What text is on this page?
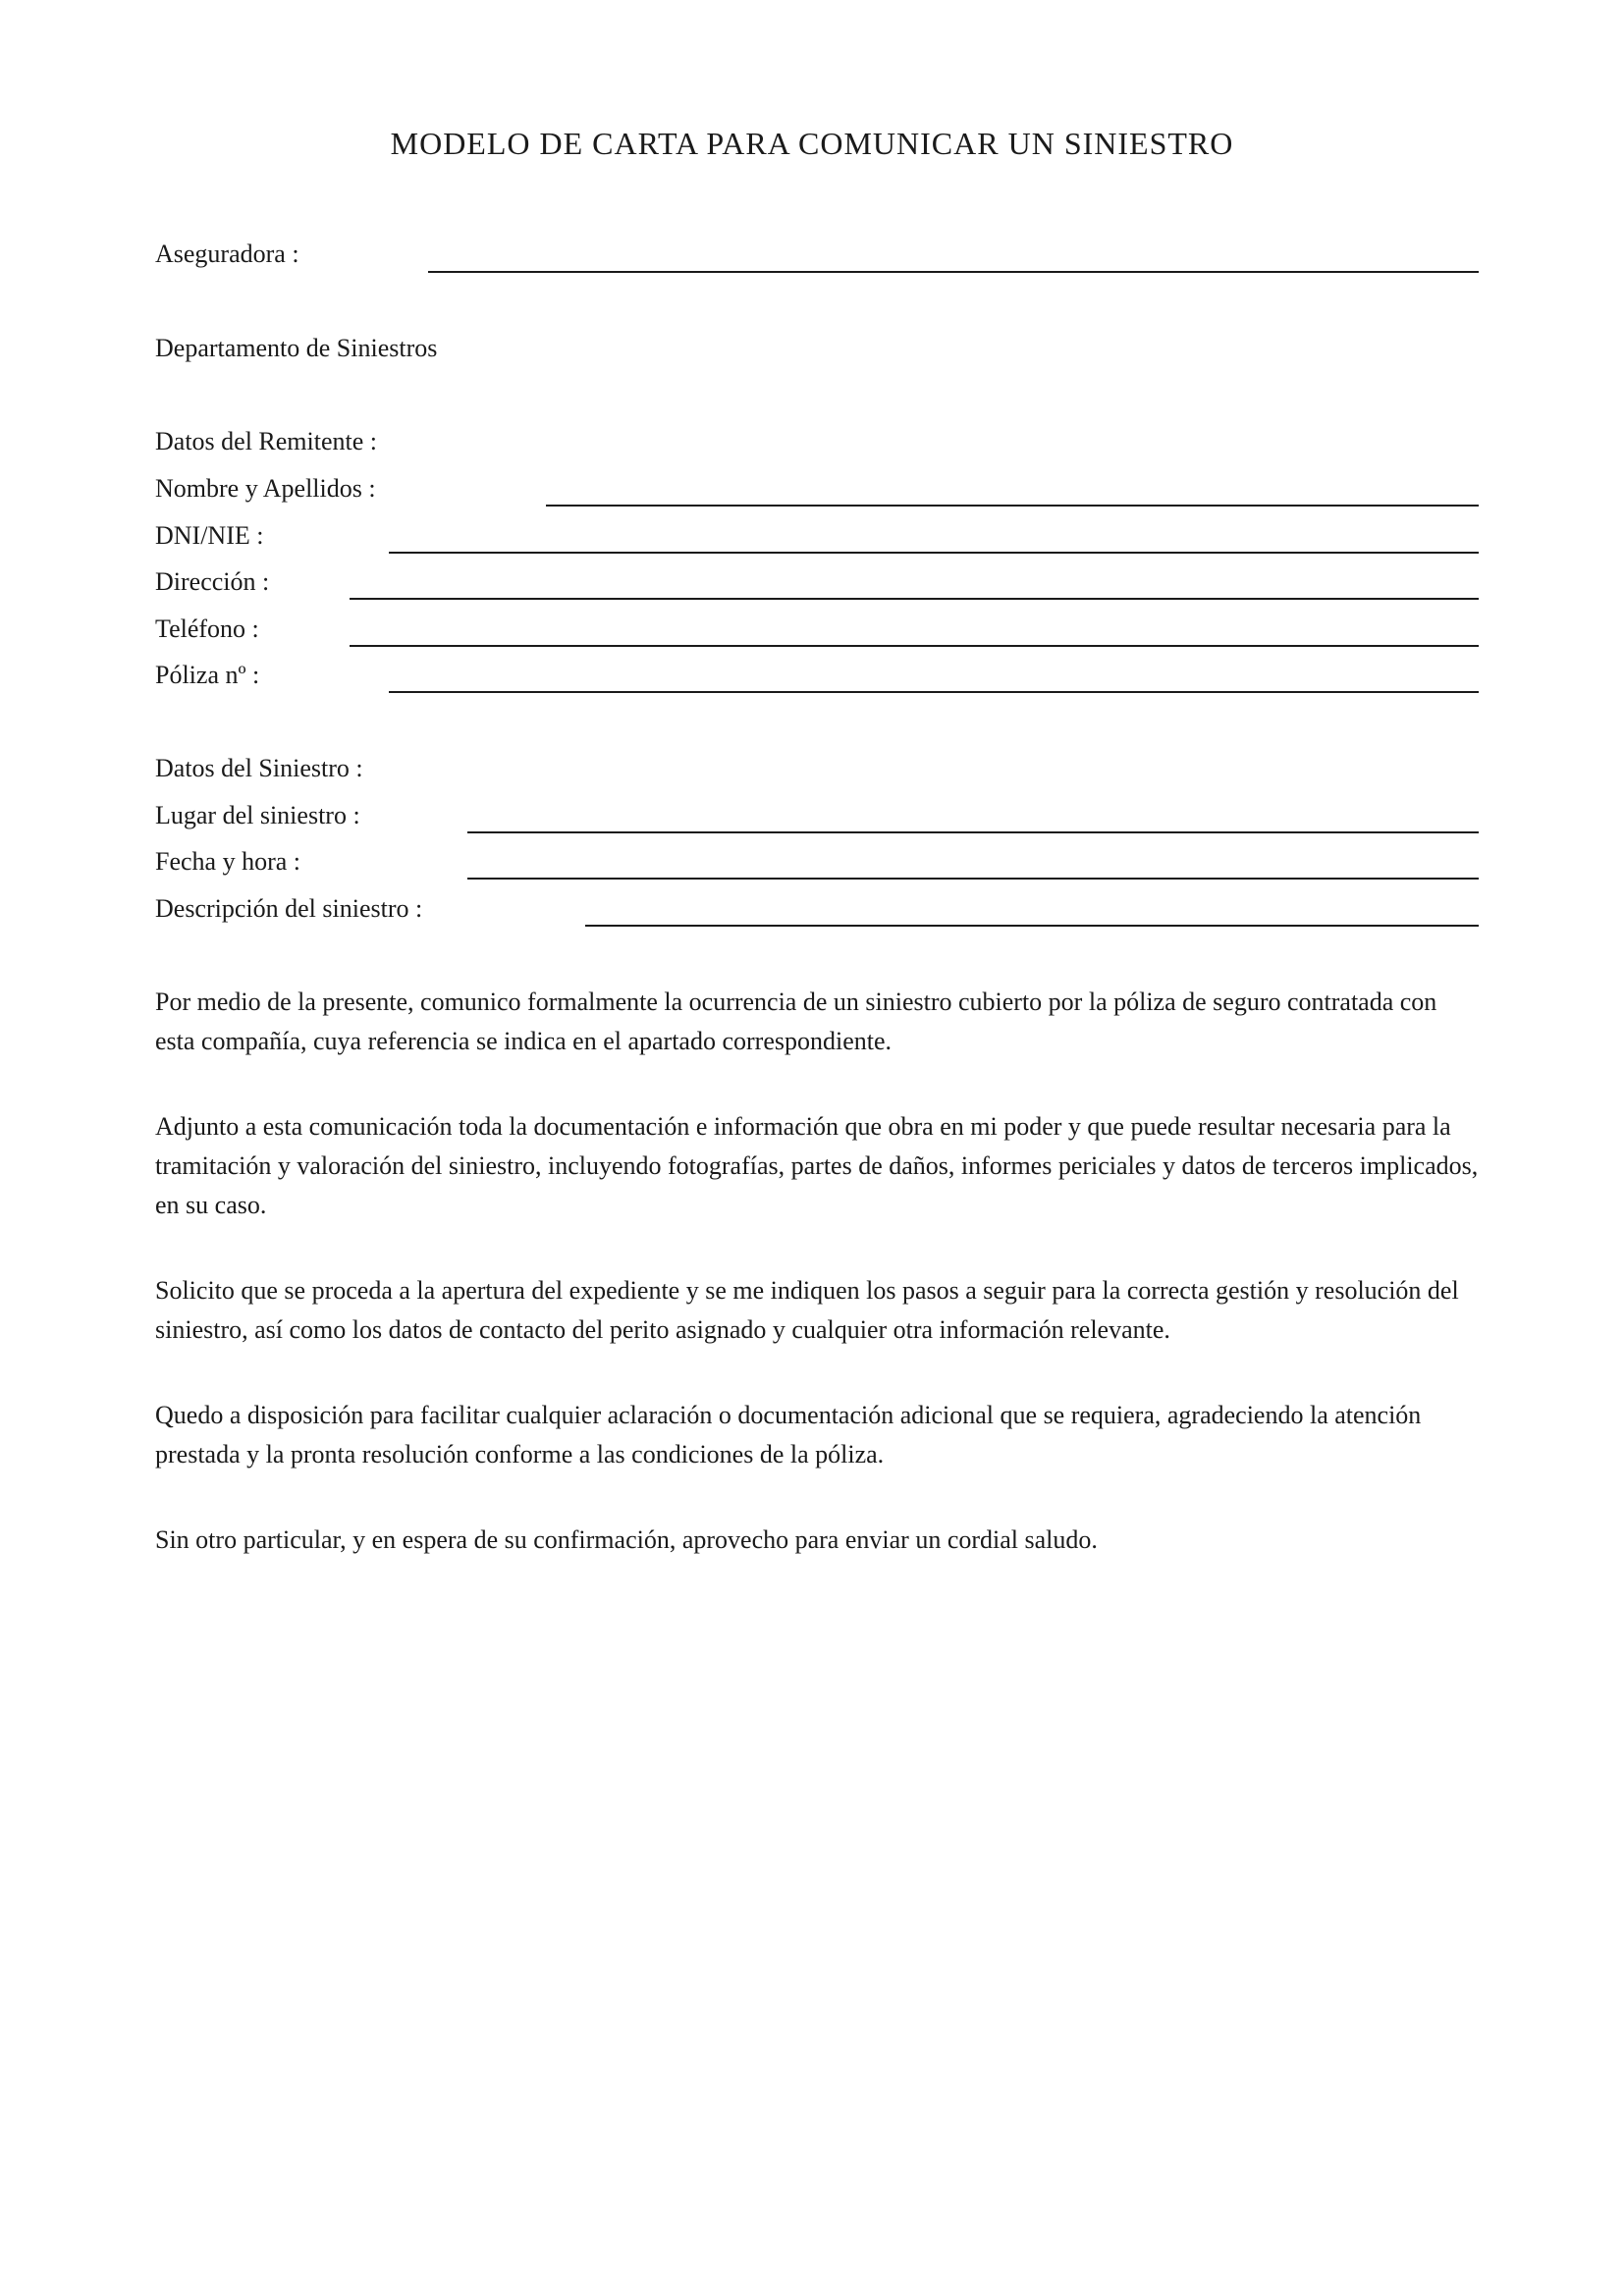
MODELO DE CARTA PARA COMUNICAR UN SINIESTRO
Aseguradora :
Departamento de Siniestros
Datos del Remitente :
Nombre y Apellidos :
DNI/NIE :
Dirección :
Teléfono :
Póliza nº :
Datos del Siniestro :
Lugar del siniestro :
Fecha y hora :
Descripción del siniestro :
Por medio de la presente, comunico formalmente la ocurrencia de un siniestro cubierto por la póliza de seguro contratada con esta compañía, cuya referencia se indica en el apartado correspondiente.
Adjunto a esta comunicación toda la documentación e información que obra en mi poder y que puede resultar necesaria para la tramitación y valoración del siniestro, incluyendo fotografías, partes de daños, informes periciales y datos de terceros implicados, en su caso.
Solicito que se proceda a la apertura del expediente y se me indiquen los pasos a seguir para la correcta gestión y resolución del siniestro, así como los datos de contacto del perito asignado y cualquier otra información relevante.
Quedo a disposición para facilitar cualquier aclaración o documentación adicional que se requiera, agradeciendo la atención prestada y la pronta resolución conforme a las condiciones de la póliza.
Sin otro particular, y en espera de su confirmación, aprovecho para enviar un cordial saludo.
